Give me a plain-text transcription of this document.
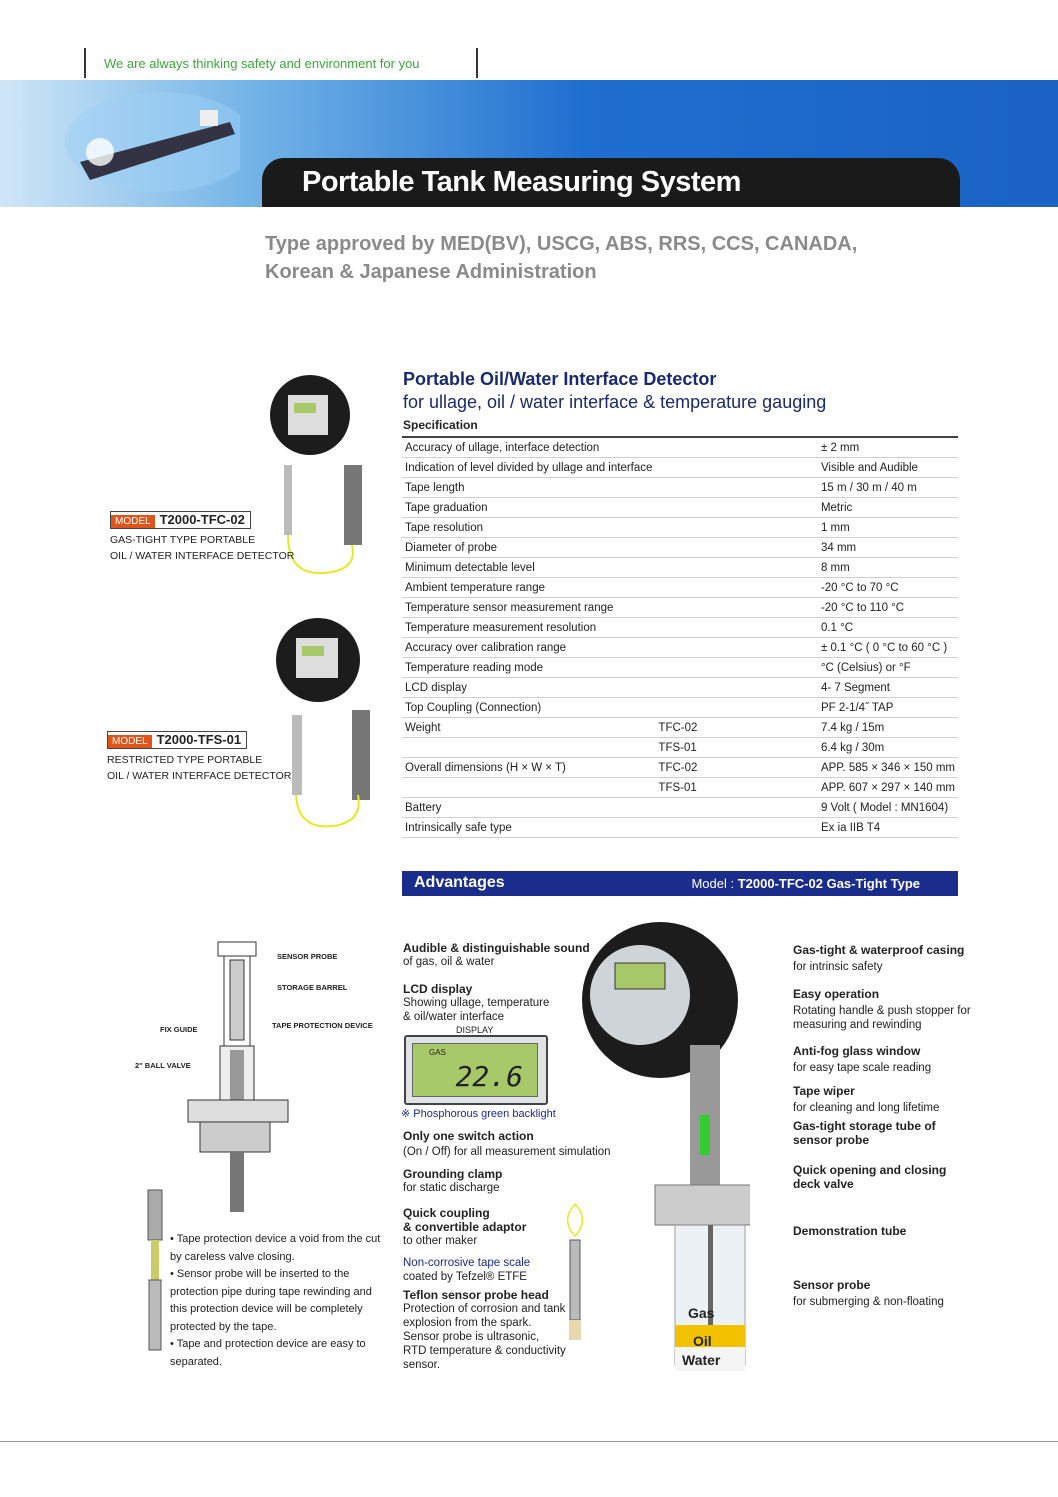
We are always thinking safety and environment for you
Portable Tank Measuring System
Type approved by MED(BV), USCG, ABS, RRS, CCS, CANADA,
Korean & Japanese Administration
MODEL T2000-TFC-02
GAS-TIGHT TYPE PORTABLE
OIL / WATER INTERFACE DETECTOR
MODEL T2000-TFS-01
RESTRICTED TYPE PORTABLE
OIL / WATER INTERFACE DETECTOR
Portable Oil/Water Interface Detector
for ullage, oil / water interface & temperature gauging
Specification
Accuracy of ullage, interface detection		± 2 mm
Indication of level divided by ullage and interface		Visible and Audible
Tape length		15 m / 30 m / 40 m
Tape graduation		Metric
Tape resolution		1 mm
Diameter of probe		34 mm
Minimum detectable level		8 mm
Ambient temperature range		-20 °C to 70 °C
Temperature sensor measurement range		-20 °C to 110 °C
Temperature measurement resolution		0.1 °C
Accuracy over calibration range		± 0.1 °C ( 0 °C to 60 °C )
Temperature reading mode		°C (Celsius) or °F
LCD display		4- 7 Segment
Top Coupling (Connection)		PF 2-1/4˝ TAP
Weight	TFC-02	7.4 kg / 15m
	TFS-01	6.4 kg / 30m
Overall dimensions (H × W × T)	TFC-02	APP. 585 × 346 × 150 mm
	TFS-01	APP. 607 × 297 × 140 mm
Battery		9 Volt ( Model : MN1604)
Intrinsically safe type		Ex ia IIB T4
Advantages	Model : T2000-TFC-02 Gas-Tight Type
SENSOR PROBE
STORAGE BARREL
TAPE PROTECTION DEVICE
FIX GUIDE
2" BALL VALVE
• Tape protection device a void from the cut by careless valve closing.
• Sensor probe will be inserted to the protection pipe during tape rewinding and this protection device will be completely protected by the tape.
• Tape and protection device are easy to separated.
Gas
Oil
Water
Audible & distinguishable sound
of gas, oil & water
LCD display
Showing ullage, temperature
& oil/water interface
DISPLAY
GAS
22.6
※ Phosphorous green backlight
Only one switch action
(On / Off) for all measurement simulation
Grounding clamp
for static discharge
Quick coupling
& convertible adaptor
to other maker
Non-corrosive tape scale
coated by Tefzel® ETFE
Teflon sensor probe head
Protection of corrosion and tank
explosion from the spark.
Sensor probe is ultrasonic,
RTD temperature & conductivity sensor.
Gas-tight & waterproof casing
for intrinsic safety
Easy operation
Rotating handle & push stopper for measuring and rewinding
Anti-fog glass window
for easy tape scale reading
Tape wiper
for cleaning and long lifetime
Gas-tight storage tube of sensor probe
Quick opening and closing deck valve
Demonstration tube
Sensor probe
for submerging & non-floating
